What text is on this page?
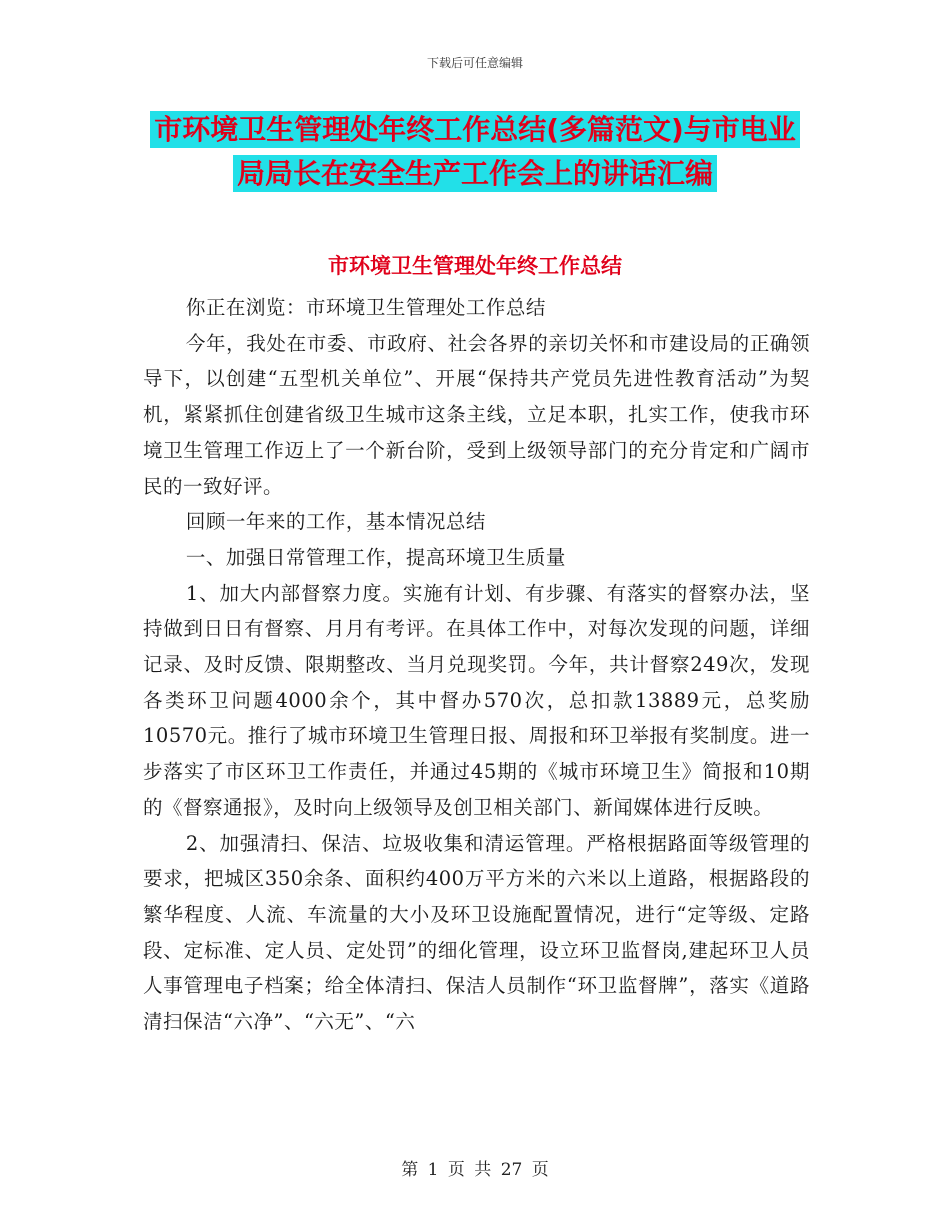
下载后可任意编辑
市环境卫生管理处年终工作总结(多篇范文)与市电业
局局长在安全生产工作会上的讲话汇编
市环境卫生管理处年终工作总结

你正在浏览：市环境卫生管理处工作总结

今年，我处在市委、市政府、社会各界的亲切关怀和市建设局的正确领导下，以创建“五型机关单位”、开展“保持共产党员先进性教育活动”为契机，紧紧抓住创建省级卫生城市这条主线，立足本职，扎实工作，使我市环境卫生管理工作迈上了一个新台阶，受到上级领导部门的充分肯定和广阔市民的一致好评。

回顾一年来的工作，基本情况总结

一、加强日常管理工作，提高环境卫生质量

1、加大内部督察力度。实施有计划、有步骤、有落实的督察办法，坚持做到日日有督察、月月有考评。在具体工作中，对每次发现的问题，详细记录、及时反馈、限期整改、当月兑现奖罚。今年，共计督察249次，发现各类环卫问题4000余个，其中督办570次，总扣款13889元，总奖励10570元。推行了城市环境卫生管理日报、周报和环卫举报有奖制度。进一步落实了市区环卫工作责任，并通过45期的《城市环境卫生》简报和10期的《督察通报》，及时向上级领导及创卫相关部门、新闻媒体进行反映。

2、加强清扫、保洁、垃圾收集和清运管理。严格根据路面等级管理的要求，把城区350余条、面积约400万平方米的六米以上道路，根据路段的繁华程度、人流、车流量的大小及环卫设施配置情况，进行“定等级、定路段、定标准、定人员、定处罚”的细化管理，设立环卫监督岗,建起环卫人员人事管理电子档案；给全体清扫、保洁人员制作“环卫监督牌”，落实《道路清扫保洁“六净”、“六无”、“六

第 1 页 共 27 页
